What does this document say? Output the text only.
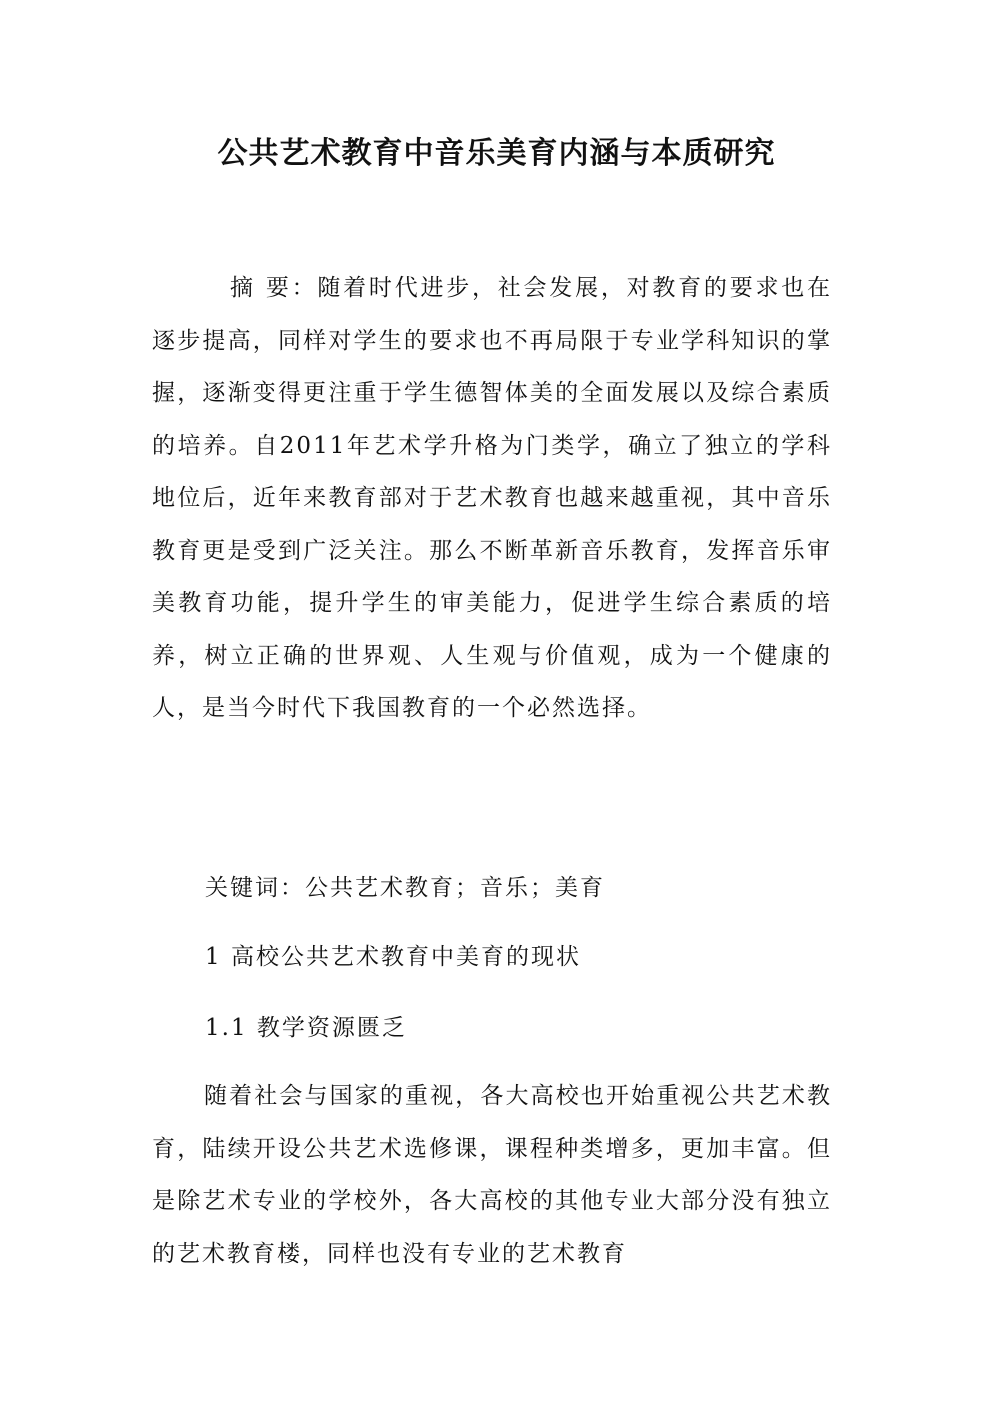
公共艺术教育中音乐美育内涵与本质研究

摘 要：随着时代进步，社会发展，对教育的要求也在逐步提高，同样对学生的要求也不再局限于专业学科知识的掌握，逐渐变得更注重于学生德智体美的全面发展以及综合素质的培养。自2011年艺术学升格为门类学，确立了独立的学科地位后，近年来教育部对于艺术教育也越来越重视，其中音乐教育更是受到广泛关注。那么不断革新音乐教育，发挥音乐审美教育功能，提升学生的审美能力，促进学生综合素质的培养，树立正确的世界观、人生观与价值观，成为一个健康的人，是当今时代下我国教育的一个必然选择。

关键词：公共艺术教育；音乐；美育

1 高校公共艺术教育中美育的现状

1.1 教学资源匮乏

随着社会与国家的重视，各大高校也开始重视公共艺术教育，陆续开设公共艺术选修课，课程种类增多，更加丰富。但是除艺术专业的学校外，各大高校的其他专业大部分没有独立的艺术教育楼，同样也没有专业的艺术教育
